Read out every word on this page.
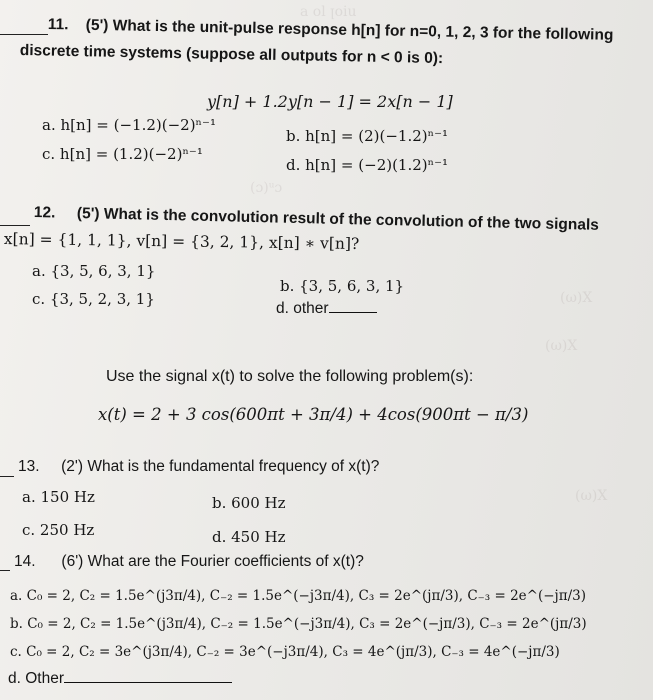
a ol ꞁoiu
(ɔ)ᵘɔ
(ω)X
(ω)X
(ω)X
11. (5') What is the unit-pulse response h[n] for n=0, 1, 2, 3 for the following
discrete time systems (suppose all outputs for n < 0 is 0):
y[n] + 1.2y[n − 1] = 2x[n − 1]
a. h[n] = (−1.2)(−2)ⁿ⁻¹
b. h[n] = (2)(−1.2)ⁿ⁻¹
c. h[n] = (1.2)(−2)ⁿ⁻¹
d. h[n] = (−2)(1.2)ⁿ⁻¹
12. (5') What is the convolution result of the convolution of the two signals
x[n] = {1, 1, 1}, v[n] = {3, 2, 1}, x[n] ∗ v[n]?
a. {3, 5, 6, 3, 1}
b. {3, 5, 6, 3, 1}
c. {3, 5, 2, 3, 1}
d. other
Use the signal x(t) to solve the following problem(s):
x(t) = 2 + 3 cos(600πt + 3π/4) + 4cos(900πt − π/3)
13. (2') What is the fundamental frequency of x(t)?
a. 150 Hz	b. 600 Hz
c. 250 Hz	d. 450 Hz
14. (6') What are the Fourier coefficients of x(t)?
a. C₀ = 2, C₂ = 1.5e^(j3π/4), C₋₂ = 1.5e^(−j3π/4), C₃ = 2e^(jπ/3), C₋₃ = 2e^(−jπ/3)
b. C₀ = 2, C₂ = 1.5e^(j3π/4), C₋₂ = 1.5e^(−j3π/4), C₃ = 2e^(−jπ/3), C₋₃ = 2e^(jπ/3)
c. C₀ = 2, C₂ = 3e^(j3π/4), C₋₂ = 3e^(−j3π/4), C₃ = 4e^(jπ/3), C₋₃ = 4e^(−jπ/3)
d. Other
